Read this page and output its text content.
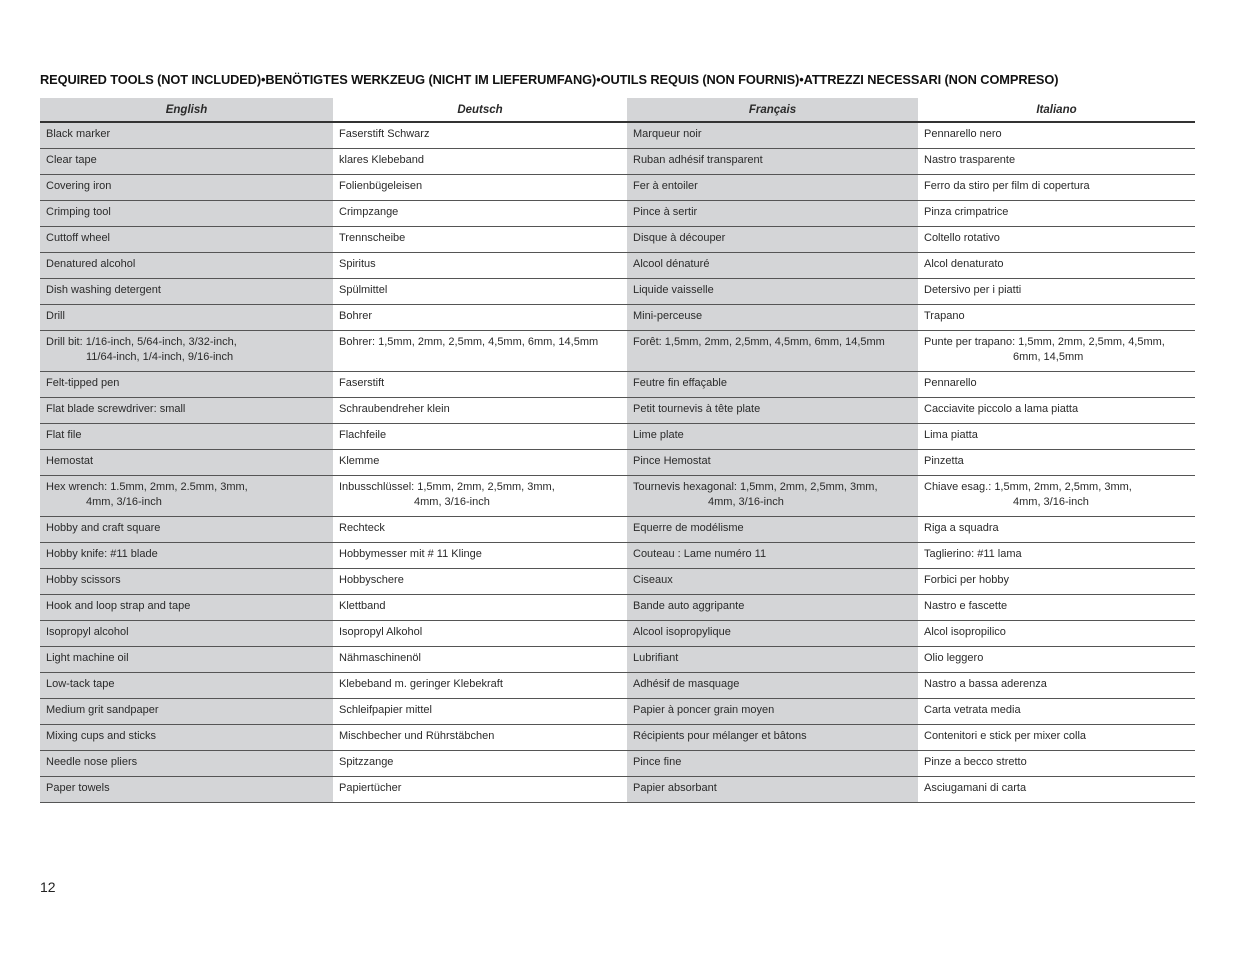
REQUIRED TOOLS (NOT INCLUDED)•BENÖTIGTES WERKZEUG (NICHT IM LIEFERUMFANG)•OUTILS REQUIS (NON FOURNIS)•ATTREZZI NECESSARI (NON COMPRESO)
English	Deutsch	Français	Italiano
Black marker	Faserstift Schwarz	Marqueur noir	Pennarello nero
Clear tape	klares Klebeband	Ruban adhésif transparent	Nastro trasparente
Covering iron	Folienbügeleisen	Fer à entoiler	Ferro da stiro per film di copertura
Crimping tool	Crimpzange	Pince à sertir	Pinza crimpatrice
Cuttoff wheel	Trennscheibe	Disque à découper	Coltello rotativo
Denatured alcohol	Spiritus	Alcool dénaturé	Alcol denaturato
Dish washing detergent	Spülmittel	Liquide vaisselle	Detersivo per i piatti
Drill	Bohrer	Mini-perceuse	Trapano

Drill bit: 1/16-inch, 5/64-inch, 3/32-inch,
11/64-inch, 1/4-inch, 9/16-inch	Bohrer: 1,5mm, 2mm, 2,5mm, 4,5mm, 6mm, 14,5mm	Forêt: 1,5mm, 2mm, 2,5mm, 4,5mm, 6mm, 14,5mm	Punte per trapano: 1,5mm, 2mm, 2,5mm, 4,5mm,
6mm, 14,5mm

Felt-tipped pen	Faserstift	Feutre fin effaçable	Pennarello
Flat blade screwdriver: small	Schraubendreher klein	Petit tournevis à tête plate	Cacciavite piccolo a lama piatta
Flat file	Flachfeile	Lime plate	Lima piatta
Hemostat	Klemme	Pince Hemostat	Pinzetta

Hex wrench: 1.5mm, 2mm, 2.5mm, 3mm,
4mm, 3/16-inch	Inbusschlüssel: 1,5mm, 2mm, 2,5mm, 3mm,
4mm, 3/16-inch	Tournevis hexagonal: 1,5mm, 2mm, 2,5mm, 3mm,
4mm, 3/16-inch	Chiave esag.: 1,5mm, 2mm, 2,5mm, 3mm,
4mm, 3/16-inch

Hobby and craft square	Rechteck	Equerre de modélisme	Riga a squadra
Hobby knife: #11 blade	Hobbymesser mit # 11 Klinge	Couteau : Lame numéro 11	Taglierino: #11 lama
Hobby scissors	Hobbyschere	Ciseaux	Forbici per hobby
Hook and loop strap and tape	Klettband	Bande auto aggripante	Nastro e fascette
Isopropyl alcohol	Isopropyl Alkohol	Alcool isopropylique	Alcol isopropilico
Light machine oil	Nähmaschinenöl	Lubrifiant	Olio leggero
Low-tack tape	Klebeband m. geringer Klebekraft	Adhésif de masquage	Nastro a bassa aderenza
Medium grit sandpaper	Schleifpapier mittel	Papier à poncer grain moyen	Carta vetrata media
Mixing cups and sticks	Mischbecher und Rührstäbchen	Récipients pour mélanger et bâtons	Contenitori e stick per mixer colla
Needle nose pliers	Spitzzange	Pince fine	Pinze a becco stretto
Paper towels	Papiertücher	Papier absorbant	Asciugamani di carta
12
